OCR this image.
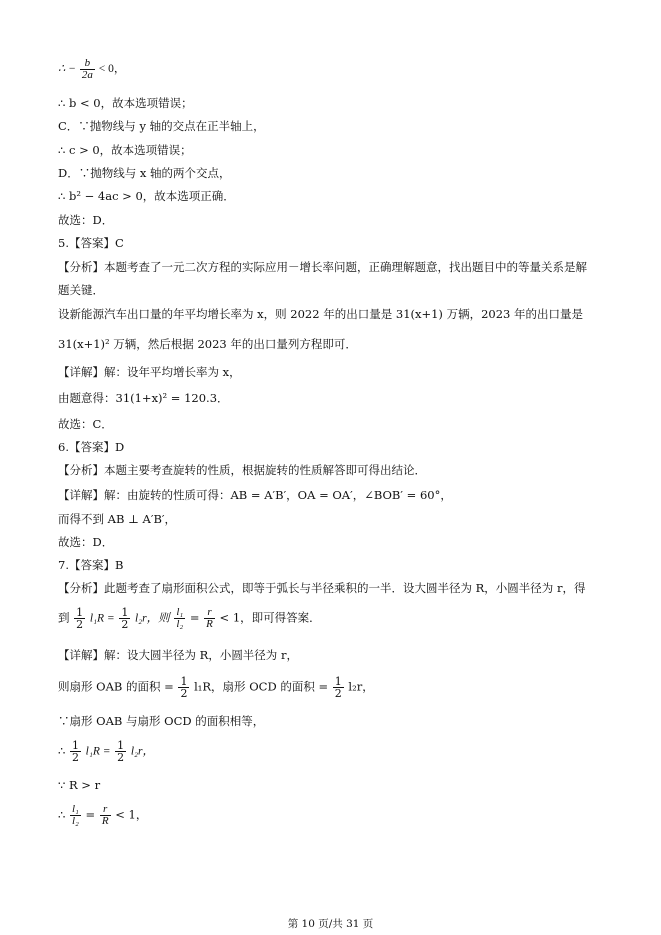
∴ − $\frac{b}{2a} < 0$，
∴ b < 0，故本选项错误；
C．∵抛物线与 y 轴的交点在正半轴上，
∴ c > 0，故本选项错误；
D．∵抛物线与 x 轴的两个交点，
∴ b² − 4ac > 0，故本选项正确．
故选：D．
5.【答案】C
【分析】本题考查了一元二次方程的实际应用－增长率问题，正确理解题意，找出题目中的等量关系是解
题关键．
设新能源汽车出口量的年平均增长率为 x，则 2022 年的出口量是 31(x+1) 万辆，2023 年的出口量是
31(x+1)² 万辆，然后根据 2023 年的出口量列方程即可．
【详解】解：设年平均增长率为 x，
由题意得：31(1+x)² = 120.3．
故选：C．
6.【答案】D
【分析】本题主要考查旋转的性质，根据旋转的性质解答即可得出结论．
【详解】解：由旋转的性质可得：AB = A′B′，OA = OA′，∠BOB′ = 60°，
而得不到 AB ⊥ A′B′，
故选：D．
7.【答案】B
【分析】此题考查了扇形面积公式，即等于弧长与半径乘积的一半．设大圆半径为 R，小圆半径为 r，得
到 $\frac{1}{2} l_1R = \frac{1}{2} l_2r$，则 $\frac{\text{l₁}}{\text{l₂}} = \frac{r}{R} < 1$，即可得答案．
【详解】解：设大圆半径为 R，小圆半径为 r，
则扇形 OAB 的面积 = $\frac{1}{2} l_1R$，扇形 OCD 的面积 = $\frac{1}{2} l_2r$，
∵扇形 OAB 与扇形 OCD 的面积相等，
∴ $\frac{1}{2} l_1R = \frac{1}{2} l_2r$，
∵ R > r
∴ $\frac{\text{l₁}}{\text{l₂}} = \frac{r}{R} < 1$，
第 10 页/共 31 页
